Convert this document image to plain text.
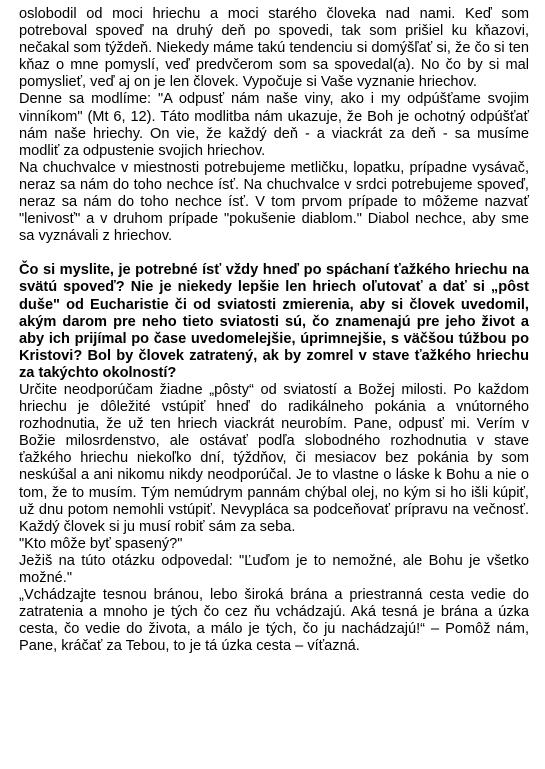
oslobodil od moci hriechu a moci starého človeka nad nami. Keď som potreboval spoveď na druhý deň po spovedi, tak som prišiel ku kňazovi, nečakal som týždeň. Niekedy máme takú tendenciu si domýšľať si, že čo si ten kňaz o mne pomyslí, veď predvčerom som sa spovedal(a). No čo by si mal pomyslieť, veď aj on je len človek. Vypočuje si Vaše vyznanie hriechov.

Denne sa modlíme: "A odpusť nám naše viny, ako i my odpúšťame svojim vinníkom" (Mt 6, 12). Táto modlitba nám ukazuje, že Boh je ochotný odpúšťať nám naše hriechy. On vie, že každý deň - a viackrát za deň - sa musíme modliť za odpustenie svojich hriechov.

Na chuchvalce v miestnosti potrebujeme metličku, lopatku, prípadne vysávač, neraz sa nám do toho nechce ísť. Na chuchvalce v srdci potrebujeme spoveď, neraz sa nám do toho nechce ísť. V tom prvom prípade to môžeme nazvať "lenivosť" a v druhom prípade "pokušenie diablom." Diabol nechce, aby sme sa vyznávali z hriechov.

Čo si myslite, je potrebné ísť vždy hneď po spáchaní ťažkého hriechu na svätú spoveď? Nie je niekedy lepšie len hriech oľutovať a dať si „pôst duše" od Eucharistie či od sviatosti zmierenia, aby si človek uvedomil, akým darom pre neho tieto sviatosti sú, čo znamenajú pre jeho život a aby ich prijímal po čase uvedomelejšie, úprimnejšie, s väčšou túžbou po Kristovi? Bol by človek zatratený, ak by zomrel v stave ťažkého hriechu za takýchto okolností?

Určite neodporúčam žiadne „pôsty“ od sviatostí a Božej milosti. Po každom hriechu je dôležité vstúpiť hneď do radikálneho pokánia a vnútorného rozhodnutia, že už ten hriech viackrát neurobím. Pane, odpusť mi. Verím v Božie milosrdenstvo, ale ostávať podľa slobodného rozhodnutia v stave ťažkého hriechu niekoľko dní, týždňov, či mesiacov bez pokánia by som neskúšal a ani nikomu nikdy neodporúčal. Je to vlastne o láske k Bohu a nie o tom, že to musím. Tým nemúdrym pannám chýbal olej, no kým si ho išli kúpiť, už dnu potom nemohli vstúpiť. Nevyplácа sa podceňovať prípravu na večnosť. Každý človek si ju musí robiť sám za seba.

"Kto môže byť spasený?"

Ježiš na túto otázku odpovedal: "Ľuďom je to nemožné, ale Bohu je všetko možné."

„Vchádzajte tesnou bránou, lebo široká brána a priestranná cesta vedie do zatratenia a mnoho je tých čo cez ňu vchádzajú. Aká tesná je brána a úzka cesta, čo vedie do života, a málo je tých, čo ju nachádzajú!“ – Pomôž nám, Pane, kráčať za Tebou, to je tá úzka cesta – víťazná.
